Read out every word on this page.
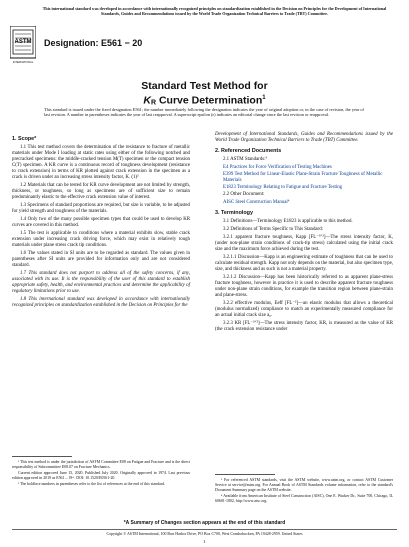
This international standard was developed in accordance with internationally recognized principles on standardization established in the Decision on Principles for the Development of International Standards, Guides and Recommendations issued by the World Trade Organization Technical Barriers to Trade (TBT) Committee.
ASTM
INTERNATIONAL
Designation: E561 − 20
Standard Test Method for
KR Curve Determination$^1$
This standard is issued under the fixed designation E561; the number immediately following the designation indicates the year of original adoption or, in the case of revision, the year of last revision. A number in parentheses indicates the year of last reapproval. A superscript epsilon (ε) indicates an editorial change since the last revision or reapproval.
1. Scope*

1.1 This test method covers the determination of the resistance to fracture of metallic materials under Mode I loading at static rates using either of the following notched and precracked specimens: the middle-cracked tension M(T) specimen or the compact tension C(T) specimen. A KR curve is a continuous record of toughness development (resistance to crack extension) in terms of KR plotted against crack extension in the specimen as a crack is driven under an increasing stress intensity factor, K. (1)²

1.2 Materials that can be tested for KR curve development are not limited by strength, thickness, or toughness, so long as specimens are of sufficient size to remain predominantly elastic to the effective crack extension value of interest.

1.3 Specimens of standard proportions are required, but size is variable, to be adjusted for yield strength and toughness of the materials.

1.4 Only two of the many possible specimen types that could be used to develop KR curves are covered in this method.

1.5 The test is applicable to conditions where a material exhibits slow, stable crack extension under increasing crack driving force, which may exist in relatively tough materials under plane stress crack tip conditions.

1.6 The values stated in SI units are to be regarded as standard. The values given in parentheses after SI units are provided for information only and are not considered standard.

1.7 This standard does not purport to address all of the safety concerns, if any, associated with its use. It is the responsibility of the user of this standard to establish appropriate safety, health, and environmental practices and determine the applicability of regulatory limitations prior to use.

1.8 This international standard was developed in accordance with internationally recognized principles on standardization established in the Decision on Principles for the

¹ This test method is under the jurisdiction of ASTM Committee E08 on Fatigue and Fracture and is the direct responsibility of Subcommittee E08.07 on Fracture Mechanics.

Current edition approved June 15, 2020. Published July 2020. Originally approved in 1974. Last previous edition approved in 2019 as E561 – 19ᵉ¹. DOI: 10.1520/E0561-20.

² The boldface numbers in parentheses refer to the list of references at the end of this standard.

Development of International Standards, Guides and Recommendations issued by the World Trade Organization Technical Barriers to Trade (TBT) Committee.

2. Referenced Documents

2.1 ASTM Standards:³

E4 Practices for Force Verification of Testing Machines
E399 Test Method for Linear-Elastic Plane-Strain Fracture Toughness of Metallic Materials
E1823 Terminology Relating to Fatigue and Fracture Testing

2.2 Other Document:

AISC Steel Construction Manual⁴
3. Terminology

3.1 Definitions—Terminology E1823 is applicable to this method.

3.2 Definitions of Terms Specific to This Standard:

3.2.1 apparent fracture toughness, Kapp [FL⁻³ᐟ²]—The stress intensity factor, K, (under non-plane strain conditions of crack-tip stress) calculated using the initial crack size and the maximum force achieved during the test.

3.2.1.1 Discussion—Kapp is an engineering estimate of toughness that can be used to calculate residual strength. Kapp not only depends on the material, but also specimen type, size, and thickness and as such is not a material property.

3.2.1.2 Discussion—Kapp has been historically referred to as apparent plane-stress fracture toughness, however in practice it is used to describe apparent fracture toughness under non-plane strain conditions, for example the transition region between plane-strain and plane-stress.

3.2.2 effective modulus, Eeff [FL⁻²]—an elastic modulus that allows a theoretical (modulus normalized) compliance to match an experimentally measured compliance for an actual initial crack size a₀.

3.2.3 KR [FL⁻³ᐟ²]—The stress intensity factor, KR, is measured as the value of KR (the crack extension resistance under

³ For referenced ASTM standards, visit the ASTM website, www.astm.org, or contact ASTM Customer Service at service@astm.org. For Annual Book of ASTM Standards volume information, refer to the standard's Document Summary page on the ASTM website.

⁴ Available from American Institute of Steel Construction (AISC), One E. Wacker Dr., Suite 700, Chicago, IL 60601-1802, http://www.aisc.org.

*A Summary of Changes section appears at the end of this standard
Copyright © ASTM International, 100 Barr Harbor Drive, PO Box C700, West Conshohocken, PA 19428-2959. United States
1
